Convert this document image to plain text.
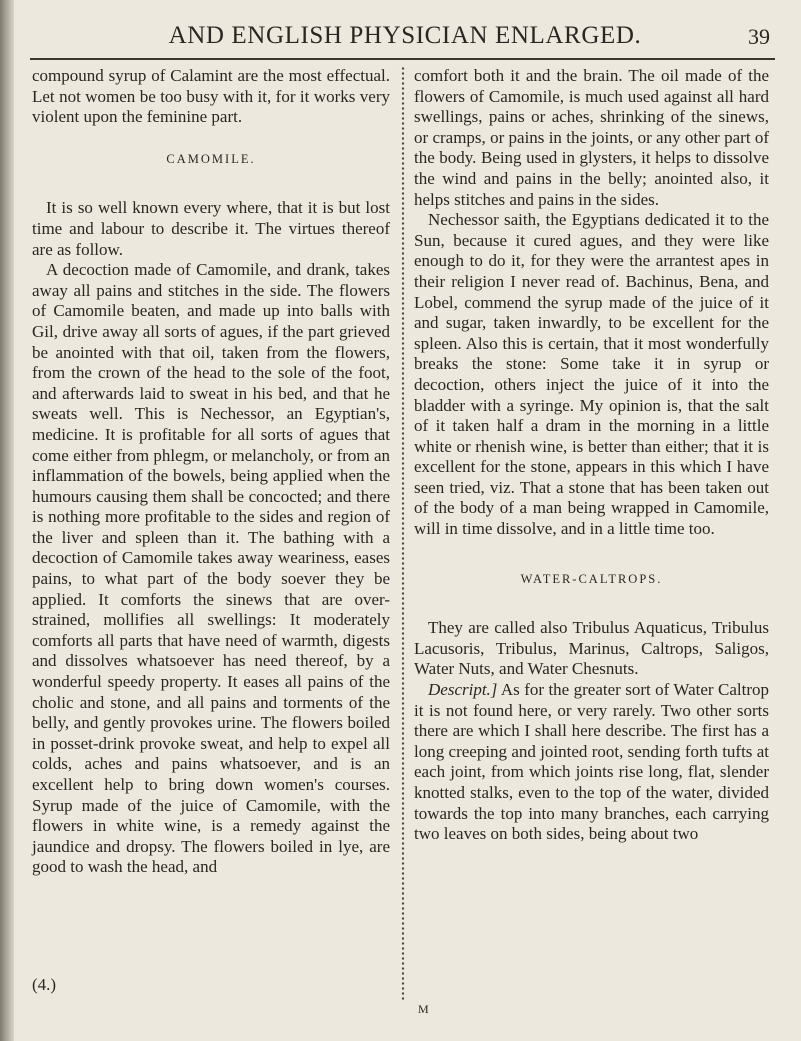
AND ENGLISH PHYSICIAN ENLARGED.	39

compound syrup of Calamint are the most effectual. Let not women be too busy with it, for it works very violent upon the feminine part.

CAMOMILE.

It is so well known every where, that it is but lost time and labour to describe it. The virtues thereof are as follow.

A decoction made of Camomile, and drank, takes away all pains and stitches in the side. The flowers of Camomile beaten, and made up into balls with Gil, drive away all sorts of agues, if the part grieved be anointed with that oil, taken from the flowers, from the crown of the head to the sole of the foot, and afterwards laid to sweat in his bed, and that he sweats well. This is Nechessor, an Egyptian's, medicine. It is profitable for all sorts of agues that come either from phlegm, or melancholy, or from an inflammation of the bowels, being applied when the humours causing them shall be concocted; and there is nothing more profitable to the sides and region of the liver and spleen than it. The bathing with a decoction of Camomile takes away weariness, eases pains, to what part of the body soever they be applied. It comforts the sinews that are over-strained, mollifies all swellings: It moderately comforts all parts that have need of warmth, digests and dissolves whatsoever has need thereof, by a wonderful speedy property. It eases all pains of the cholic and stone, and all pains and torments of the belly, and gently provokes urine. The flowers boiled in posset-drink provoke sweat, and help to expel all colds, aches and pains whatsoever, and is an excellent help to bring down women's courses. Syrup made of the juice of Camomile, with the flowers in white wine, is a remedy against the jaundice and dropsy. The flowers boiled in lye, are good to wash the head, and

comfort both it and the brain. The oil made of the flowers of Camomile, is much used against all hard swellings, pains or aches, shrinking of the sinews, or cramps, or pains in the joints, or any other part of the body. Being used in glysters, it helps to dissolve the wind and pains in the belly; anointed also, it helps stitches and pains in the sides.

Nechessor saith, the Egyptians dedicated it to the Sun, because it cured agues, and they were like enough to do it, for they were the arrantest apes in their religion I never read of. Bachinus, Bena, and Lobel, commend the syrup made of the juice of it and sugar, taken inwardly, to be excellent for the spleen. Also this is certain, that it most wonderfully breaks the stone: Some take it in syrup or decoction, others inject the juice of it into the bladder with a syringe. My opinion is, that the salt of it taken half a dram in the morning in a little white or rhenish wine, is better than either; that it is excellent for the stone, appears in this which I have seen tried, viz. That a stone that has been taken out of the body of a man being wrapped in Camomile, will in time dissolve, and in a little time too.

WATER-CALTROPS.

They are called also Tribulus Aquaticus, Tribulus Lacusoris, Tribulus, Marinus, Caltrops, Saligos, Water Nuts, and Water Chesnuts.

Descript.] As for the greater sort of Water Caltrop it is not found here, or very rarely. Two other sorts there are which I shall here describe. The first has a long creeping and jointed root, sending forth tufts at each joint, from which joints rise long, flat, slender knotted stalks, even to the top of the water, divided towards the top into many branches, each carrying two leaves on both sides, being about two

(4.)
M
